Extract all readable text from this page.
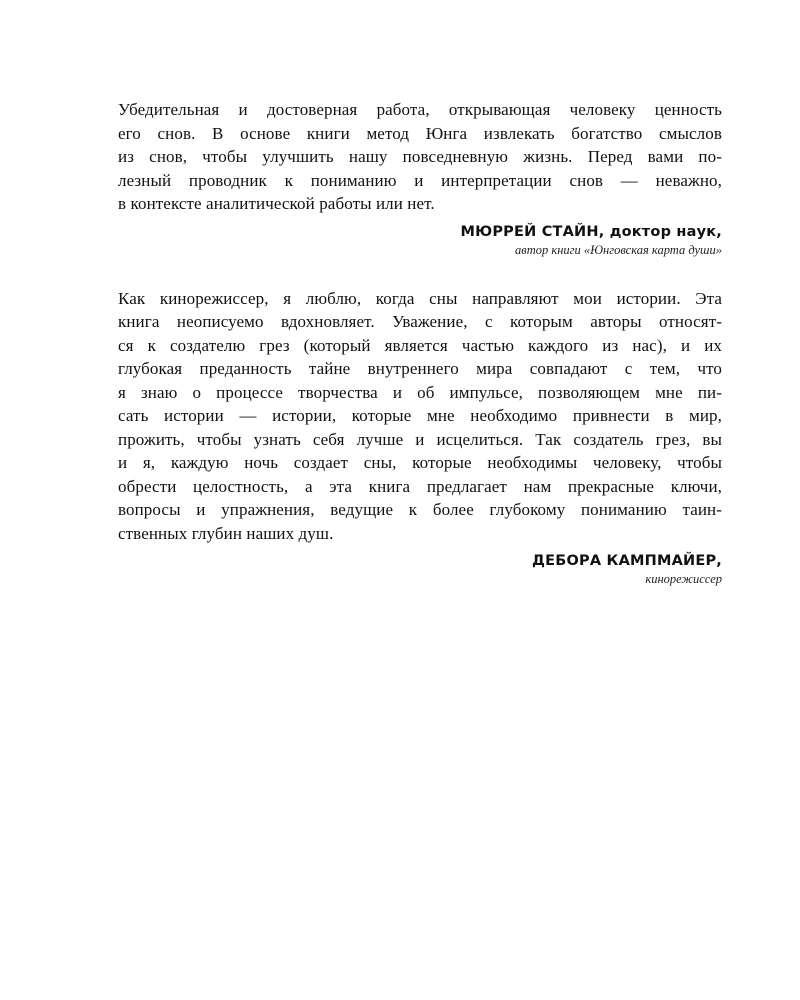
Убедительная и достоверная работа, открывающая человеку ценность
его снов. В основе книги метод Юнга извлекать богатство смыслов
из снов, чтобы улучшить нашу повседневную жизнь. Перед вами по-
лезный проводник к пониманию и интерпретации снов — неважно,
в контексте аналитической работы или нет.

МЮРРЕЙ СТАЙН, доктор наук,
автор книги «Юнговская карта души»

Как кинорежиссер, я люблю, когда сны направляют мои истории. Эта
книга неописуемо вдохновляет. Уважение, с которым авторы относят-
ся к создателю грез (который является частью каждого из нас), и их
глубокая преданность тайне внутреннего мира совпадают с тем, что
я знаю о процессе творчества и об импульсе, позволяющем мне пи-
сать истории — истории, которые мне необходимо привнести в мир,
прожить, чтобы узнать себя лучше и исцелиться. Так создатель грез, вы
и я, каждую ночь создает сны, которые необходимы человеку, чтобы
обрести целостность, а эта книга предлагает нам прекрасные ключи,
вопросы и упражнения, ведущие к более глубокому пониманию таин-
ственных глубин наших душ.

ДЕБОРА КАМПМАЙЕР,
кинорежиссер
